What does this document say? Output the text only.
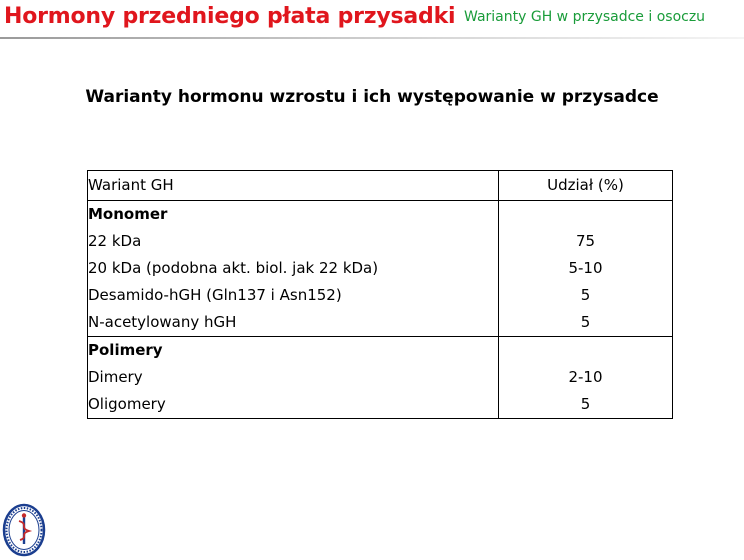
Hormony przedniego płata przysadki Warianty GH w przysadce i osoczu
Warianty hormonu wzrostu i ich występowanie w przysadce
Wariant GH	Udział (%)
Monomer	
22 kDa	75
20 kDa (podobna akt. biol. jak 22 kDa)	5-10
Desamido-hGH (Gln137 i Asn152)	5
N-acetylowany hGH	5
Polimery	
Dimery	2-10
Oligomery	5
